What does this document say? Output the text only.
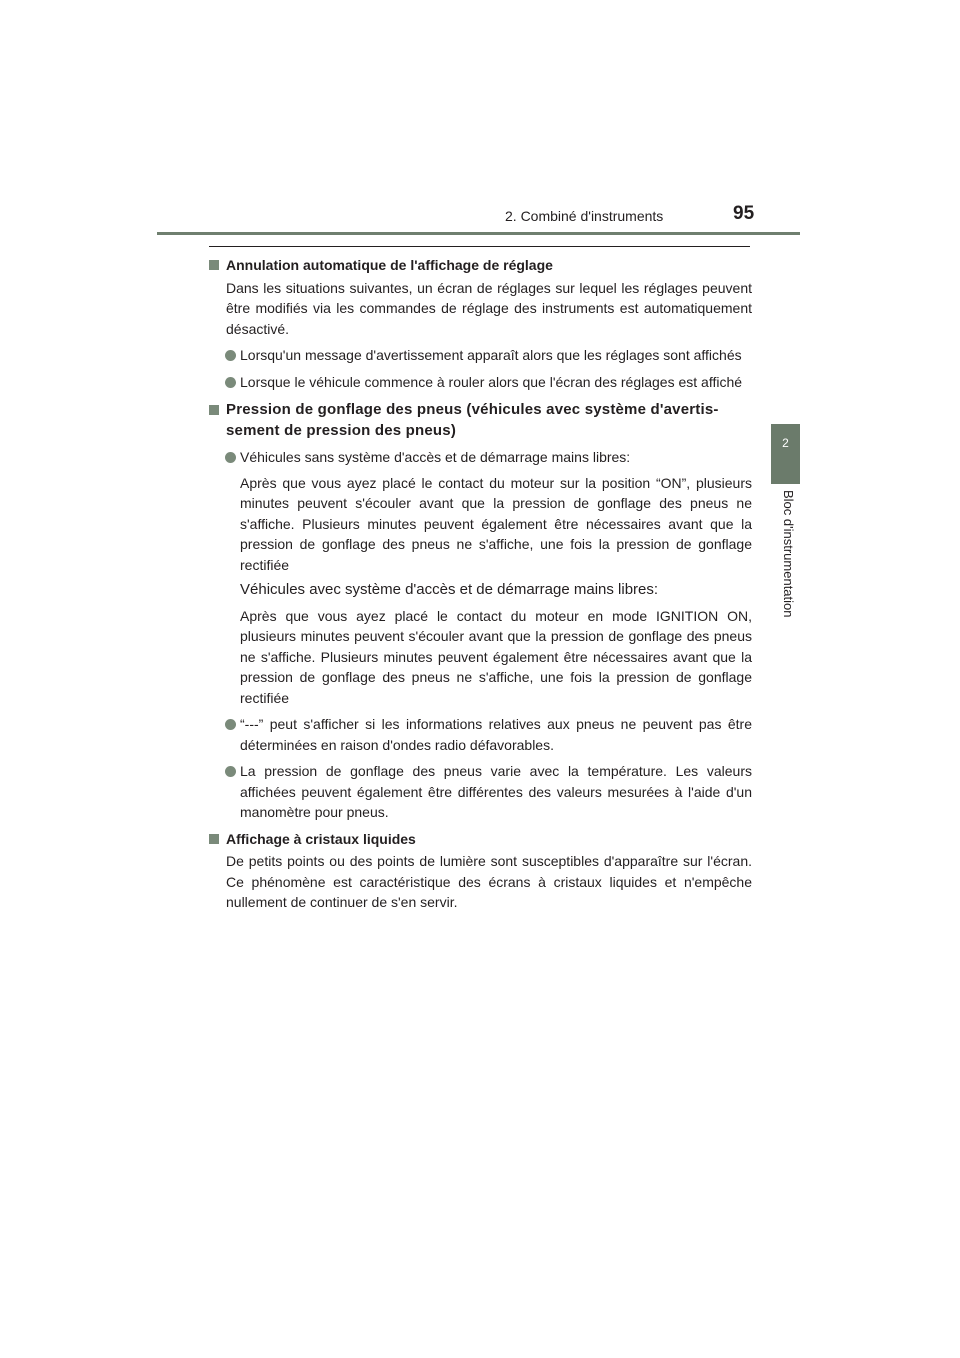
2. Combiné d'instruments	95
2
Bloc d'instrumentation
Annulation automatique de l'affichage de réglage
Dans les situations suivantes, un écran de réglages sur lequel les réglages peuvent être modifiés via les commandes de réglage des instruments est automatiquement désactivé.
Lorsqu'un message d'avertissement apparaît alors que les réglages sont affichés
Lorsque le véhicule commence à rouler alors que l'écran des réglages est affiché
Pression de gonflage des pneus (véhicules avec système d'avertissement de pression des pneus)
Véhicules sans système d'accès et de démarrage mains libres:
Après que vous ayez placé le contact du moteur sur la position “ON”, plusieurs minutes peuvent s'écouler avant que la pression de gonflage des pneus ne s'affiche. Plusieurs minutes peuvent également être nécessaires avant que la pression de gonflage des pneus ne s'affiche, une fois la pression de gonflage rectifiée
Véhicules avec système d'accès et de démarrage mains libres:
Après que vous ayez placé le contact du moteur en mode IGNITION ON, plusieurs minutes peuvent s'écouler avant que la pression de gonflage des pneus ne s'affiche. Plusieurs minutes peuvent également être nécessaires avant que la pression de gonflage des pneus ne s'affiche, une fois la pression de gonflage rectifiée
“---” peut s'afficher si les informations relatives aux pneus ne peuvent pas être déterminées en raison d'ondes radio défavorables.
La pression de gonflage des pneus varie avec la température. Les valeurs affichées peuvent également être différentes des valeurs mesurées à l'aide d'un manomètre pour pneus.
Affichage à cristaux liquides
De petits points ou des points de lumière sont susceptibles d'apparaître sur l'écran. Ce phénomène est caractéristique des écrans à cristaux liquides et n'empêche nullement de continuer de s'en servir.
